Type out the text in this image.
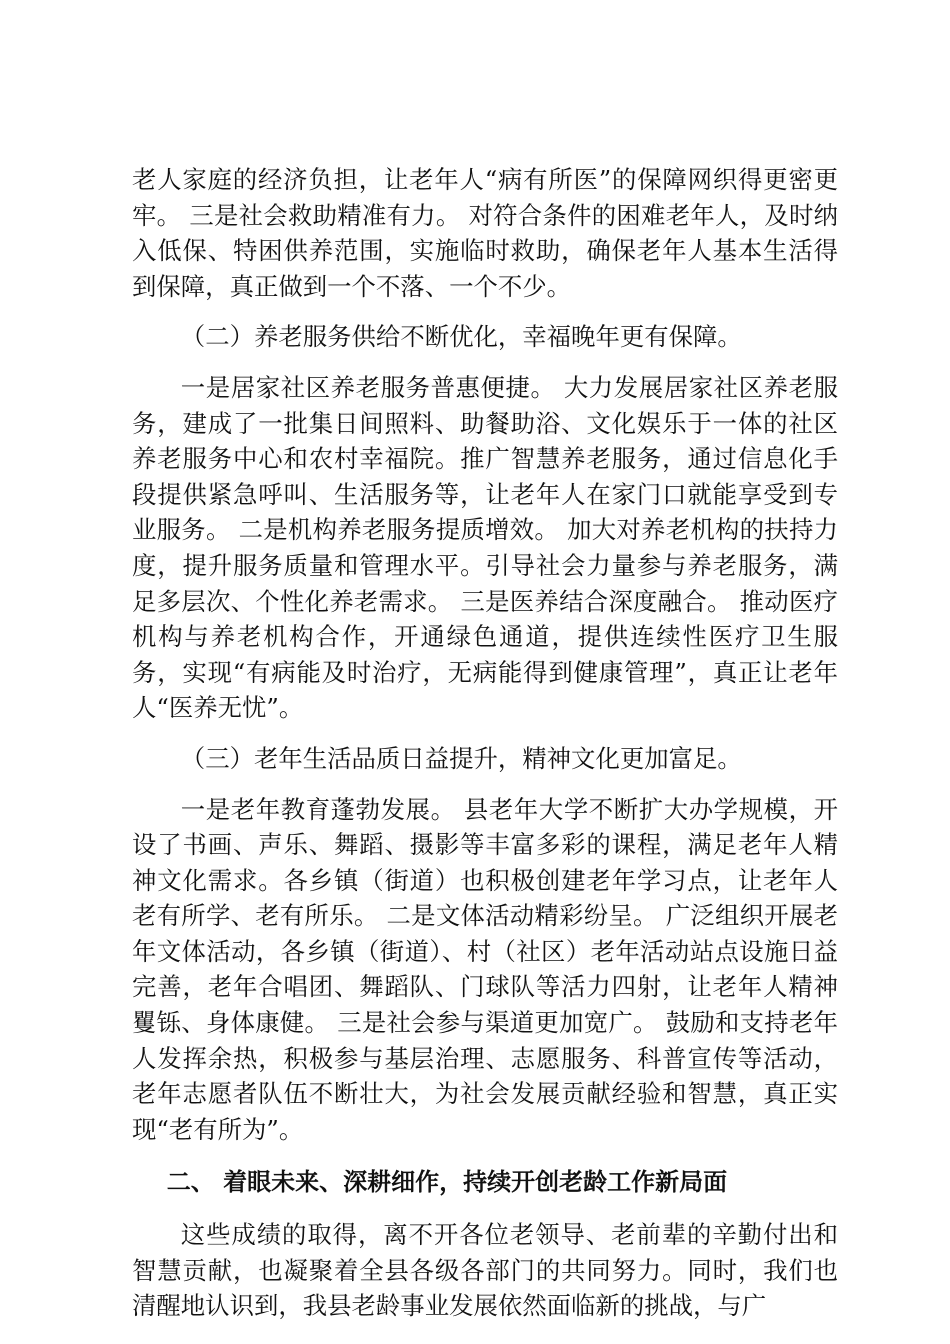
老人家庭的经济负担，让老年人“病有所医”的保障网织得更密更牢。 三是社会救助精准有力。 对符合条件的困难老年人，及时纳入低保、特困供养范围，实施临时救助，确保老年人基本生活得到保障，真正做到一个不落、一个不少。

（二）养老服务供给不断优化，幸福晚年更有保障。

一是居家社区养老服务普惠便捷。 大力发展居家社区养老服务，建成了一批集日间照料、助餐助浴、文化娱乐于一体的社区养老服务中心和农村幸福院。推广智慧养老服务，通过信息化手段提供紧急呼叫、生活服务等，让老年人在家门口就能享受到专业服务。 二是机构养老服务提质增效。 加大对养老机构的扶持力度，提升服务质量和管理水平。引导社会力量参与养老服务，满足多层次、个性化养老需求。 三是医养结合深度融合。 推动医疗机构与养老机构合作，开通绿色通道，提供连续性医疗卫生服务，实现“有病能及时治疗，无病能得到健康管理”，真正让老年人“医养无忧”。

（三）老年生活品质日益提升，精神文化更加富足。

一是老年教育蓬勃发展。 县老年大学不断扩大办学规模，开设了书画、声乐、舞蹈、摄影等丰富多彩的课程，满足老年人精神文化需求。各乡镇（街道）也积极创建老年学习点，让老年人老有所学、老有所乐。 二是文体活动精彩纷呈。 广泛组织开展老年文体活动，各乡镇（街道）、村（社区）老年活动站点设施日益完善，老年合唱团、舞蹈队、门球队等活力四射，让老年人精神矍铄、身体康健。 三是社会参与渠道更加宽广。 鼓励和支持老年人发挥余热，积极参与基层治理、志愿服务、科普宣传等活动，老年志愿者队伍不断壮大，为社会发展贡献经验和智慧，真正实现“老有所为”。

二、 着眼未来、深耕细作，持续开创老龄工作新局面

这些成绩的取得，离不开各位老领导、老前辈的辛勤付出和智慧贡献，也凝聚着全县各级各部门的共同努力。同时，我们也清醒地认识到，我县老龄事业发展依然面临新的挑战，与广
